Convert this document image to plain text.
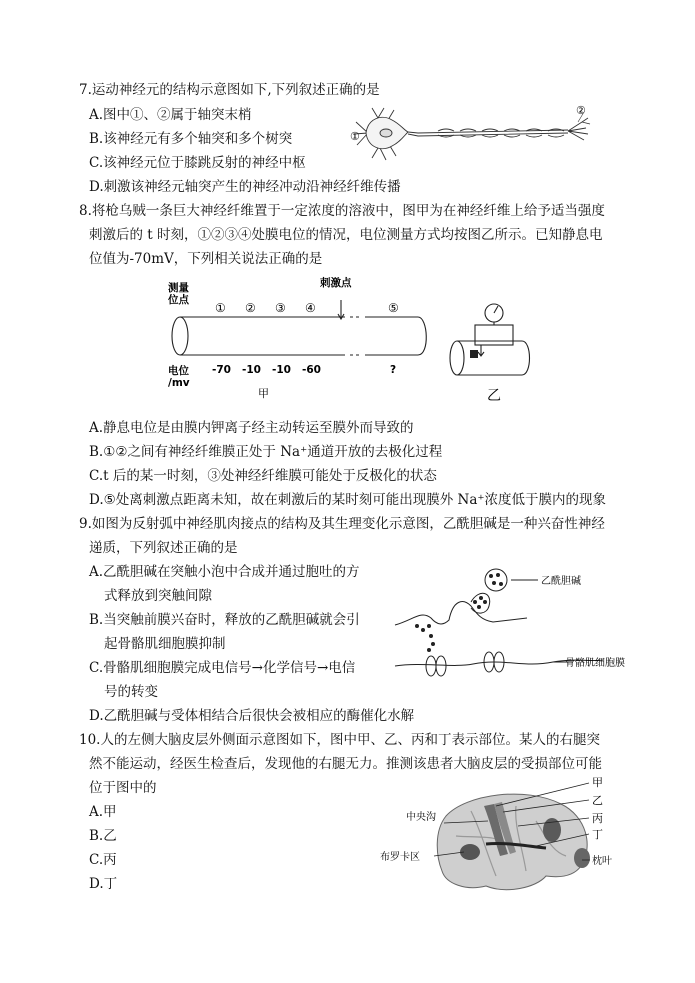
7.运动神经元的结构示意图如下,下列叙述正确的是
A.图中①、②属于轴突末梢
B.该神经元有多个轴突和多个树突
C.该神经元位于膝跳反射的神经中枢
D.刺激该神经元轴突产生的神经冲动沿神经纤维传播
①
②
8.将枪乌贼一条巨大神经纤维置于一定浓度的溶液中，图甲为在神经纤维上给予适当强度
刺激后的 t 时刻，①②③④处膜电位的情况，电位测量方式均按图乙所示。已知静息电
位值为-70mV，下列相关说法正确的是
测量
位点
刺激点
电位
/mv
① ② ③ ④	⑤
-70 -10 -10 -60	?
甲	乙
A.静息电位是由膜内钾离子经主动转运至膜外而导致的
B.①②之间有神经纤维膜正处于 Na⁺通道开放的去极化过程
C.t 后的某一时刻，③处神经纤维膜可能处于反极化的状态
D.⑤处离刺激点距离未知，故在刺激后的某时刻可能出现膜外 Na⁺浓度低于膜内的现象
9.如图为反射弧中神经肌肉接点的结构及其生理变化示意图，乙酰胆碱是一种兴奋性神经
递质，下列叙述正确的是
A.乙酰胆碱在突触小泡中合成并通过胞吐的方
式释放到突触间隙
B.当突触前膜兴奋时，释放的乙酰胆碱就会引
起骨骼肌细胞膜抑制
C.骨骼肌细胞膜完成电信号→化学信号→电信
号的转变
D.乙酰胆碱与受体相结合后很快会被相应的酶催化水解
乙酰胆碱
骨骼肌细胞膜
10.人的左侧大脑皮层外侧面示意图如下，图中甲、乙、丙和丁表示部位。某人的右腿突
然不能运动，经医生检查后，发现他的右腿无力。推测该患者大脑皮层的受损部位可能
位于图中的
A.甲
B.乙
C.丙
D.丁
甲
乙
丙
丁
中央沟
布罗卡区	枕叶
